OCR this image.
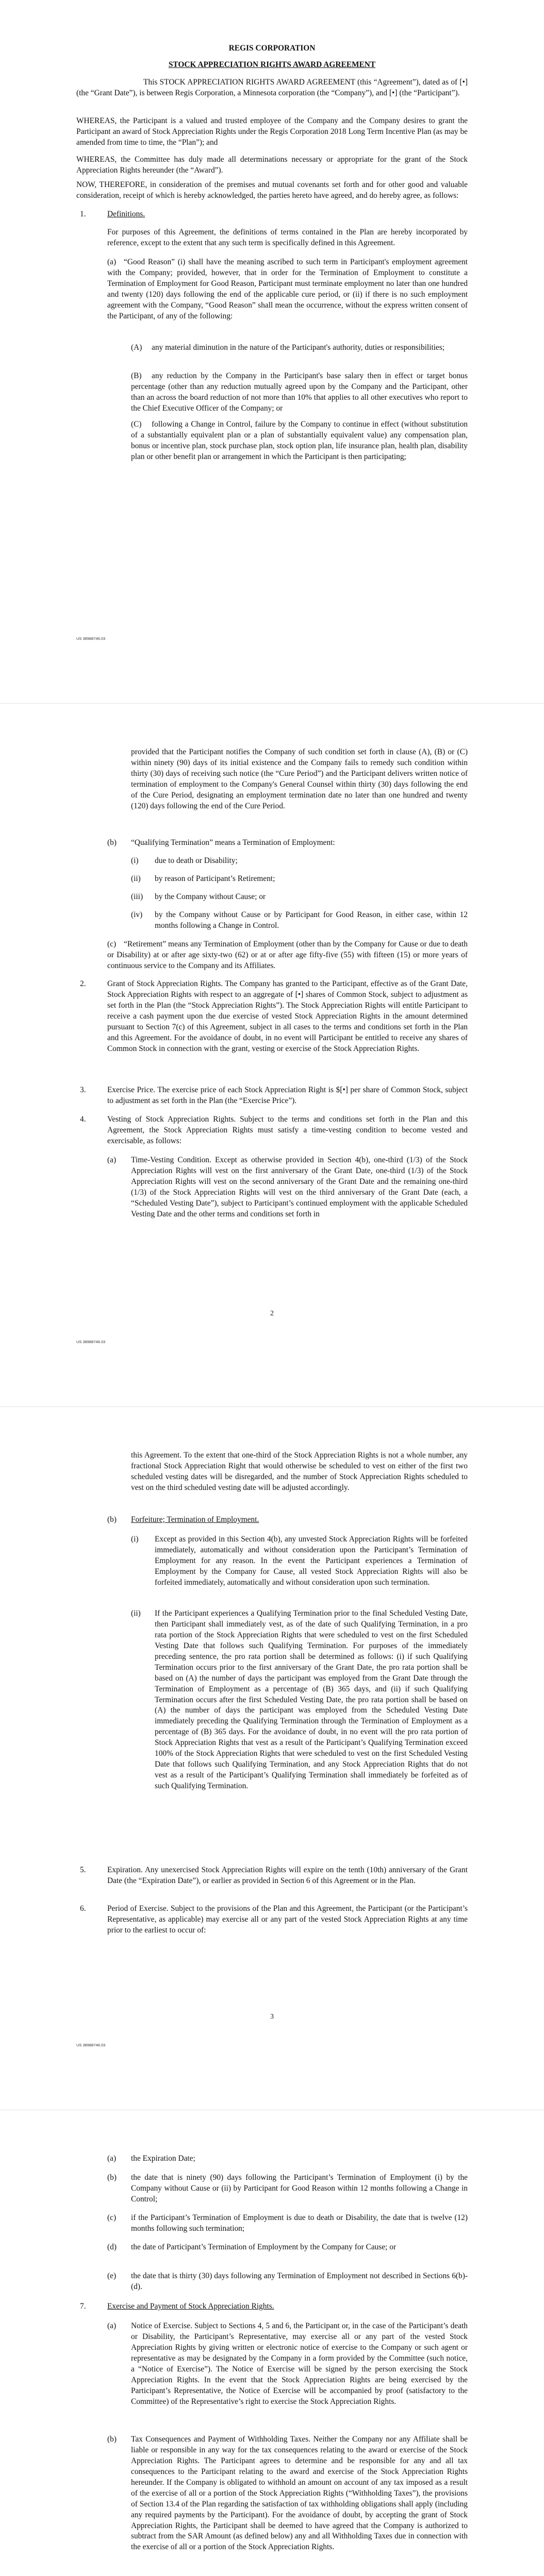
REGIS CORPORATION

STOCK APPRECIATION RIGHTS AWARD AGREEMENT

This STOCK APPRECIATION RIGHTS AWARD AGREEMENT (this “Agreement”), dated as of [•] (the “Grant Date”), is between Regis Corporation, a Minnesota corporation (the “Company”), and [•] (the “Participant”).

WHEREAS, the Participant is a valued and trusted employee of the Company and the Company desires to grant the Participant an award of Stock Appreciation Rights under the Regis Corporation 2018 Long Term Incentive Plan (as may be amended from time to time, the “Plan”); and

WHEREAS, the Committee has duly made all determinations necessary or appropriate for the grant of the Stock Appreciation Rights hereunder (the “Award”).

NOW, THEREFORE, in consideration of the premises and mutual covenants set forth and for other good and valuable consideration, receipt of which is hereby acknowledged, the parties hereto have agreed, and do hereby agree, as follows:

1.	Definitions.

For purposes of this Agreement, the definitions of terms contained in the Plan are hereby incorporated by reference, except to the extent that any such term is specifically defined in this Agreement.

(a) “Good Reason” (i) shall have the meaning ascribed to such term in Participant's employment agreement with the Company; provided, however, that in order for the Termination of Employment to constitute a Termination of Employment for Good Reason, Participant must terminate employment no later than one hundred and twenty (120) days following the end of the applicable cure period, or (ii) if there is no such employment agreement with the Company, “Good Reason” shall mean the occurrence, without the express written consent of the Participant, of any of the following:

(A)	any material diminution in the nature of the Participant's authority, duties or responsibilities;

(B)	any reduction by the Company in the Participant's base salary then in effect or target bonus percentage (other than any reduction mutually agreed upon by the Company and the Participant, other than an across the board reduction of not more than 10% that applies to all other executives who report to the Chief Executive Officer of the Company; or

(C)	following a Change in Control, failure by the Company to continue in effect (without substitution of a substantially equivalent plan or a plan of substantially equivalent value) any compensation plan, bonus or incentive plan, stock purchase plan, stock option plan, life insurance plan, health plan, disability plan or other benefit plan or arrangement in which the Participant is then participating;

US 38988746.03

provided that the Participant notifies the Company of such condition set forth in clause (A), (B) or (C) within ninety (90) days of its initial existence and the Company fails to remedy such condition within thirty (30) days of receiving such notice (the “Cure Period”) and the Participant delivers written notice of termination of employment to the Company's General Counsel within thirty (30) days following the end of the Cure Period, designating an employment termination date no later than one hundred and twenty (120) days following the end of the Cure Period.

(b) “Qualifying Termination” means a Termination of Employment:

(i) due to death or Disability;

(ii) by reason of Participant’s Retirement;

(iii) by the Company without Cause; or

(iv) by the Company without Cause or by Participant for Good Reason, in either case, within 12 months following a Change in Control.

(c) “Retirement” means any Termination of Employment (other than by the Company for Cause or due to death or Disability) at or after age sixty-two (62) or at or after age fifty-five (55) with fifteen (15) or more years of continuous service to the Company and its Affiliates.

2.	Grant of Stock Appreciation Rights. The Company has granted to the Participant, effective as of the Grant Date, Stock Appreciation Rights with respect to an aggregate of [•] shares of Common Stock, subject to adjustment as set forth in the Plan (the “Stock Appreciation Rights”). The Stock Appreciation Rights will entitle Participant to receive a cash payment upon the due exercise of vested Stock Appreciation Rights in the amount determined pursuant to Section 7(c) of this Agreement, subject in all cases to the terms and conditions set forth in the Plan and this Agreement. For the avoidance of doubt, in no event will Participant be entitled to receive any shares of Common Stock in connection with the grant, vesting or exercise of the Stock Appreciation Rights.

3.	Exercise Price. The exercise price of each Stock Appreciation Right is $[•] per share of Common Stock, subject to adjustment as set forth in the Plan (the “Exercise Price”).

4.	Vesting of Stock Appreciation Rights. Subject to the terms and conditions set forth in the Plan and this Agreement, the Stock Appreciation Rights must satisfy a time-vesting condition to become vested and exercisable, as follows:

(a) Time-Vesting Condition. Except as otherwise provided in Section 4(b), one-third (1/3) of the Stock Appreciation Rights will vest on the first anniversary of the Grant Date, one-third (1/3) of the Stock Appreciation Rights will vest on the second anniversary of the Grant Date and the remaining one-third (1/3) of the Stock Appreciation Rights will vest on the third anniversary of the Grant Date (each, a “Scheduled Vesting Date”), subject to Participant’s continued employment with the applicable Scheduled Vesting Date and the other terms and conditions set forth in

2
US 38988746.03

this Agreement. To the extent that one-third of the Stock Appreciation Rights is not a whole number, any fractional Stock Appreciation Right that would otherwise be scheduled to vest on either of the first two scheduled vesting dates will be disregarded, and the number of Stock Appreciation Rights scheduled to vest on the third scheduled vesting date will be adjusted accordingly.

(b) Forfeiture; Termination of Employment.

(i) Except as provided in this Section 4(b), any unvested Stock Appreciation Rights will be forfeited immediately, automatically and without consideration upon the Participant’s Termination of Employment for any reason. In the event the Participant experiences a Termination of Employment by the Company for Cause, all vested Stock Appreciation Rights will also be forfeited immediately, automatically and without consideration upon such termination.

(ii) If the Participant experiences a Qualifying Termination prior to the final Scheduled Vesting Date, then Participant shall immediately vest, as of the date of such Qualifying Termination, in a pro rata portion of the Stock Appreciation Rights that were scheduled to vest on the first Scheduled Vesting Date that follows such Qualifying Termination. For purposes of the immediately preceding sentence, the pro rata portion shall be determined as follows: (i) if such Qualifying Termination occurs prior to the first anniversary of the Grant Date, the pro rata portion shall be based on (A) the number of days the participant was employed from the Grant Date through the Termination of Employment as a percentage of (B) 365 days, and (ii) if such Qualifying Termination occurs after the first Scheduled Vesting Date, the pro rata portion shall be based on (A) the number of days the participant was employed from the Scheduled Vesting Date immediately preceding the Qualifying Termination through the Termination of Employment as a percentage of (B) 365 days. For the avoidance of doubt, in no event will the pro rata portion of Stock Appreciation Rights that vest as a result of the Participant’s Qualifying Termination exceed 100% of the Stock Appreciation Rights that were scheduled to vest on the first Scheduled Vesting Date that follows such Qualifying Termination, and any Stock Appreciation Rights that do not vest as a result of the Participant’s Qualifying Termination shall immediately be forfeited as of such Qualifying Termination.

5.	Expiration. Any unexercised Stock Appreciation Rights will expire on the tenth (10th) anniversary of the Grant Date (the “Expiration Date”), or earlier as provided in Section 6 of this Agreement or in the Plan.

6.	Period of Exercise. Subject to the provisions of the Plan and this Agreement, the Participant (or the Participant’s Representative, as applicable) may exercise all or any part of the vested Stock Appreciation Rights at any time prior to the earliest to occur of:

3
US 38988746.03
(a) the Expiration Date;

(b) the date that is ninety (90) days following the Participant’s Termination of Employment (i) by the Company without Cause or (ii) by Participant for Good Reason within 12 months following a Change in Control;

(c) if the Participant’s Termination of Employment is due to death or Disability, the date that is twelve (12) months following such termination;

(d) the date of Participant’s Termination of Employment by the Company for Cause; or

(e) the date that is thirty (30) days following any Termination of Employment not described in Sections 6(b)-(d).

7.	Exercise and Payment of Stock Appreciation Rights.

(a) Notice of Exercise. Subject to Sections 4, 5 and 6, the Participant or, in the case of the Participant’s death or Disability, the Participant’s Representative, may exercise all or any part of the vested Stock Appreciation Rights by giving written or electronic notice of exercise to the Company or such agent or representative as may be designated by the Company in a form provided by the Committee (such notice, a “Notice of Exercise”). The Notice of Exercise will be signed by the person exercising the Stock Appreciation Rights. In the event that the Stock Appreciation Rights are being exercised by the Participant’s Representative, the Notice of Exercise will be accompanied by proof (satisfactory to the Committee) of the Representative’s right to exercise the Stock Appreciation Rights.

(b) Tax Consequences and Payment of Withholding Taxes. Neither the Company nor any Affiliate shall be liable or responsible in any way for the tax consequences relating to the award or exercise of the Stock Appreciation Rights. The Participant agrees to determine and be responsible for any and all tax consequences to the Participant relating to the award and exercise of the Stock Appreciation Rights hereunder. If the Company is obligated to withhold an amount on account of any tax imposed as a result of the exercise of all or a portion of the Stock Appreciation Rights (“Withholding Taxes”), the provisions of Section 13.4 of the Plan regarding the satisfaction of tax withholding obligations shall apply (including any required payments by the Participant). For the avoidance of doubt, by accepting the grant of Stock Appreciation Rights, the Participant shall be deemed to have agreed that the Company is authorized to subtract from the SAR Amount (as defined below) any and all Withholding Taxes due in connection with the exercise of all or a portion of the Stock Appreciation Rights.
